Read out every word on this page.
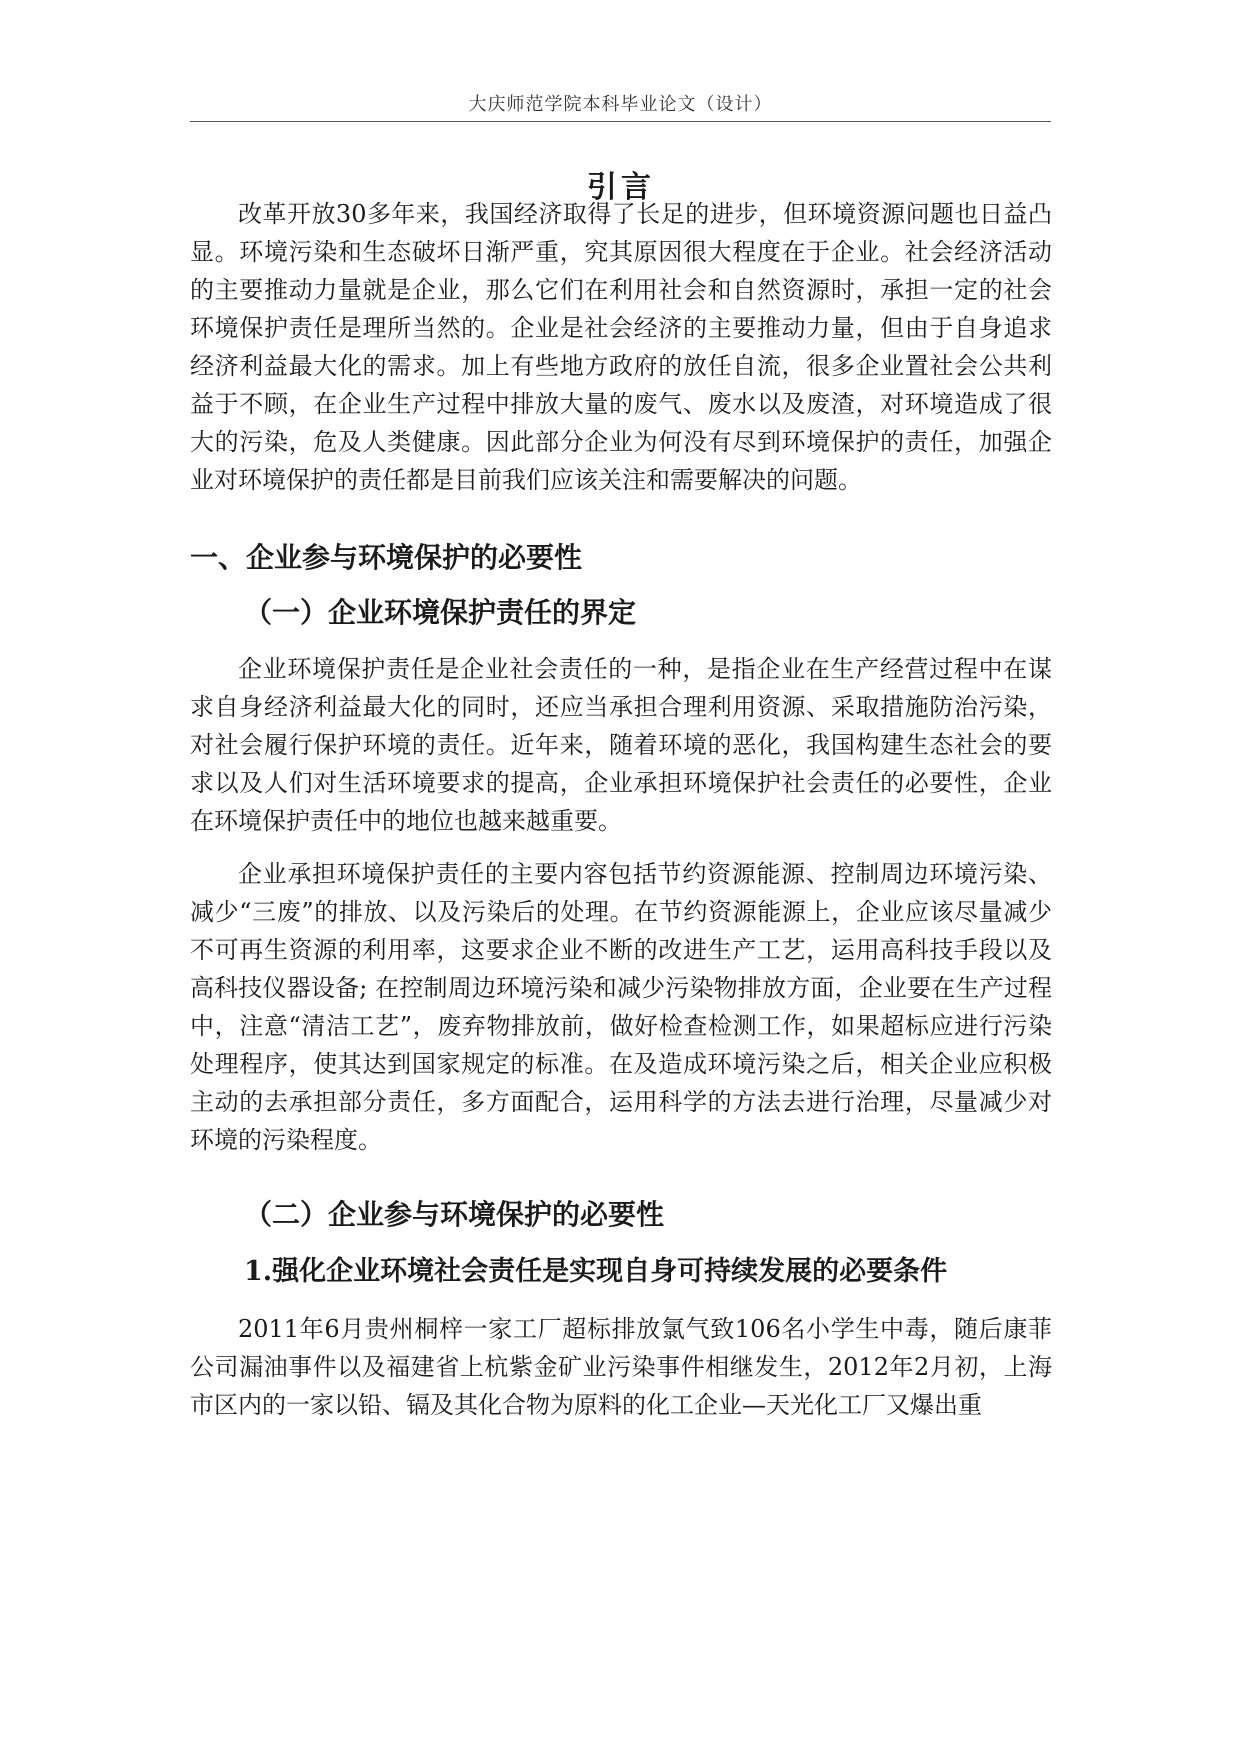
大庆师范学院本科毕业论文（设计）
引言

改革开放30多年来，我国经济取得了长足的进步，但环境资源问题也日益凸显。环境污染和生态破坏日渐严重，究其原因很大程度在于企业。社会经济活动的主要推动力量就是企业，那么它们在利用社会和自然资源时，承担一定的社会环境保护责任是理所当然的。企业是社会经济的主要推动力量，但由于自身追求经济利益最大化的需求。加上有些地方政府的放任自流，很多企业置社会公共利益于不顾，在企业生产过程中排放大量的废气、废水以及废渣，对环境造成了很大的污染，危及人类健康。因此部分企业为何没有尽到环境保护的责任，加强企业对环境保护的责任都是目前我们应该关注和需要解决的问题。

一、企业参与环境保护的必要性
（一）企业环境保护责任的界定

企业环境保护责任是企业社会责任的一种，是指企业在生产经营过程中在谋求自身经济利益最大化的同时，还应当承担合理利用资源、采取措施防治污染，对社会履行保护环境的责任。近年来，随着环境的恶化，我国构建生态社会的要求以及人们对生活环境要求的提高，企业承担环境保护社会责任的必要性，企业在环境保护责任中的地位也越来越重要。

企业承担环境保护责任的主要内容包括节约资源能源、控制周边环境污染、减少“三废”的排放、以及污染后的处理。在节约资源能源上，企业应该尽量减少不可再生资源的利用率，这要求企业不断的改进生产工艺，运用高科技手段以及高科技仪器设备; 在控制周边环境污染和减少污染物排放方面，企业要在生产过程中，注意“清洁工艺”，废弃物排放前，做好检查检测工作，如果超标应进行污染处理程序，使其达到国家规定的标准。在及造成环境污染之后，相关企业应积极主动的去承担部分责任，多方面配合，运用科学的方法去进行治理，尽量减少对环境的污染程度。

（二）企业参与环境保护的必要性
1.强化企业环境社会责任是实现自身可持续发展的必要条件

2011年6月贵州桐梓一家工厂超标排放氯气致106名小学生中毒，随后康菲公司漏油事件以及福建省上杭紫金矿业污染事件相继发生，2012年2月初，上海市区内的一家以铅、镉及其化合物为原料的化工企业—天光化工厂又爆出重
